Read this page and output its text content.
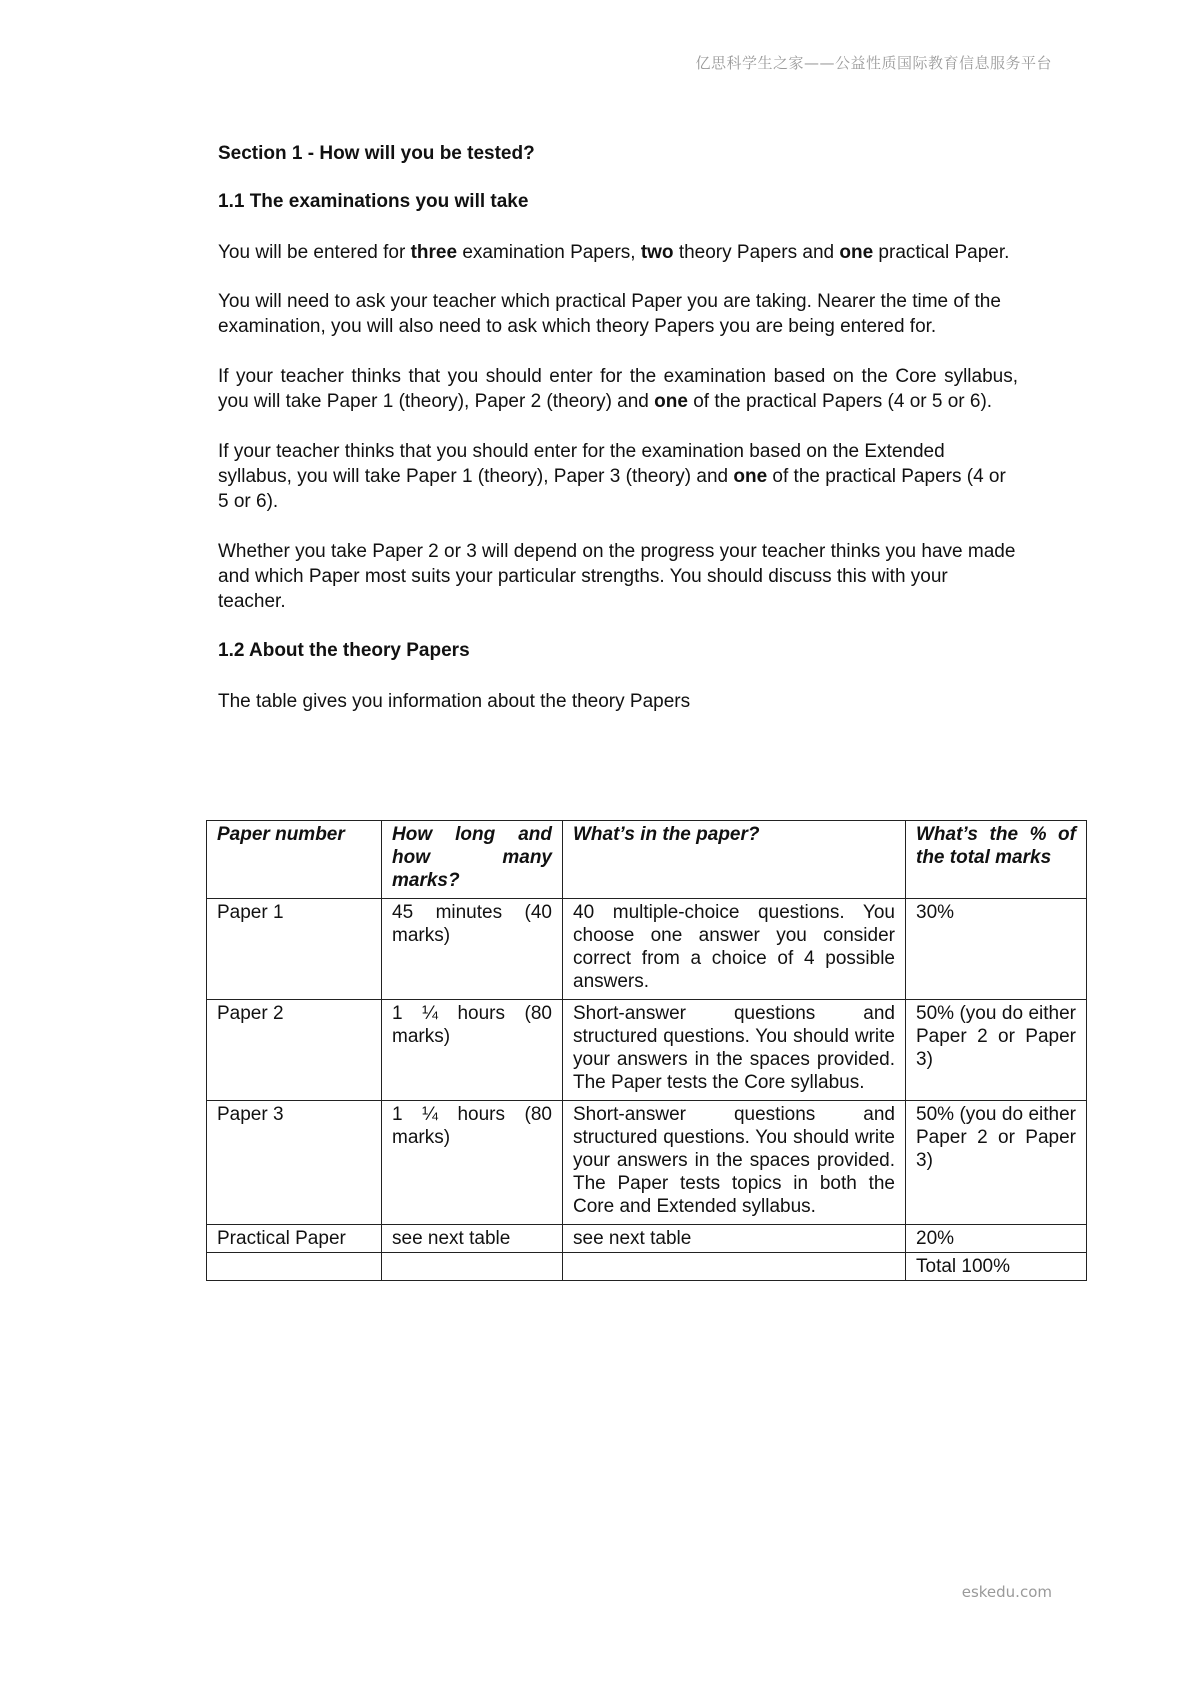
亿思科学生之家——公益性质国际教育信息服务平台
Section 1 - How will you be tested?
1.1 The examinations you will take

You will be entered for three examination Papers, two theory Papers and one practical Paper.

You will need to ask your teacher which practical Paper you are taking. Nearer the time of the examination, you will also need to ask which theory Papers you are being entered for.

If your teacher thinks that you should enter for the examination based on the Core syllabus, you will take Paper 1 (theory), Paper 2 (theory) and one of the practical Papers (4 or 5 or 6).

If your teacher thinks that you should enter for the examination based on the Extended syllabus, you will take Paper 1 (theory), Paper 3 (theory) and one of the practical Papers (4 or 5 or 6).

Whether you take Paper 2 or 3 will depend on the progress your teacher thinks you have made and which Paper most suits your particular strengths. You should discuss this with your teacher.

1.2 About the theory Papers

The table gives you information about the theory Papers

Paper number	How long and how many marks?	What’s in the paper?	What’s the % of the total marks
Paper 1	45 minutes (40 marks)	40 multiple-choice questions. You choose one answer you consider correct from a choice of 4 possible answers.	30%
Paper 2	1 ¼ hours (80 marks)	Short-answer questions and structured questions. You should write your answers in the spaces provided. The Paper tests the Core syllabus.	50% (you do either Paper 2 or Paper 3)
Paper 3	1 ¼ hours (80 marks)	Short-answer questions and structured questions. You should write your answers in the spaces provided. The Paper tests topics in both the Core and Extended syllabus.	50% (you do either Paper 2 or Paper 3)
Practical Paper	see next table	see next table	20%
			Total 100%
eskedu.com
